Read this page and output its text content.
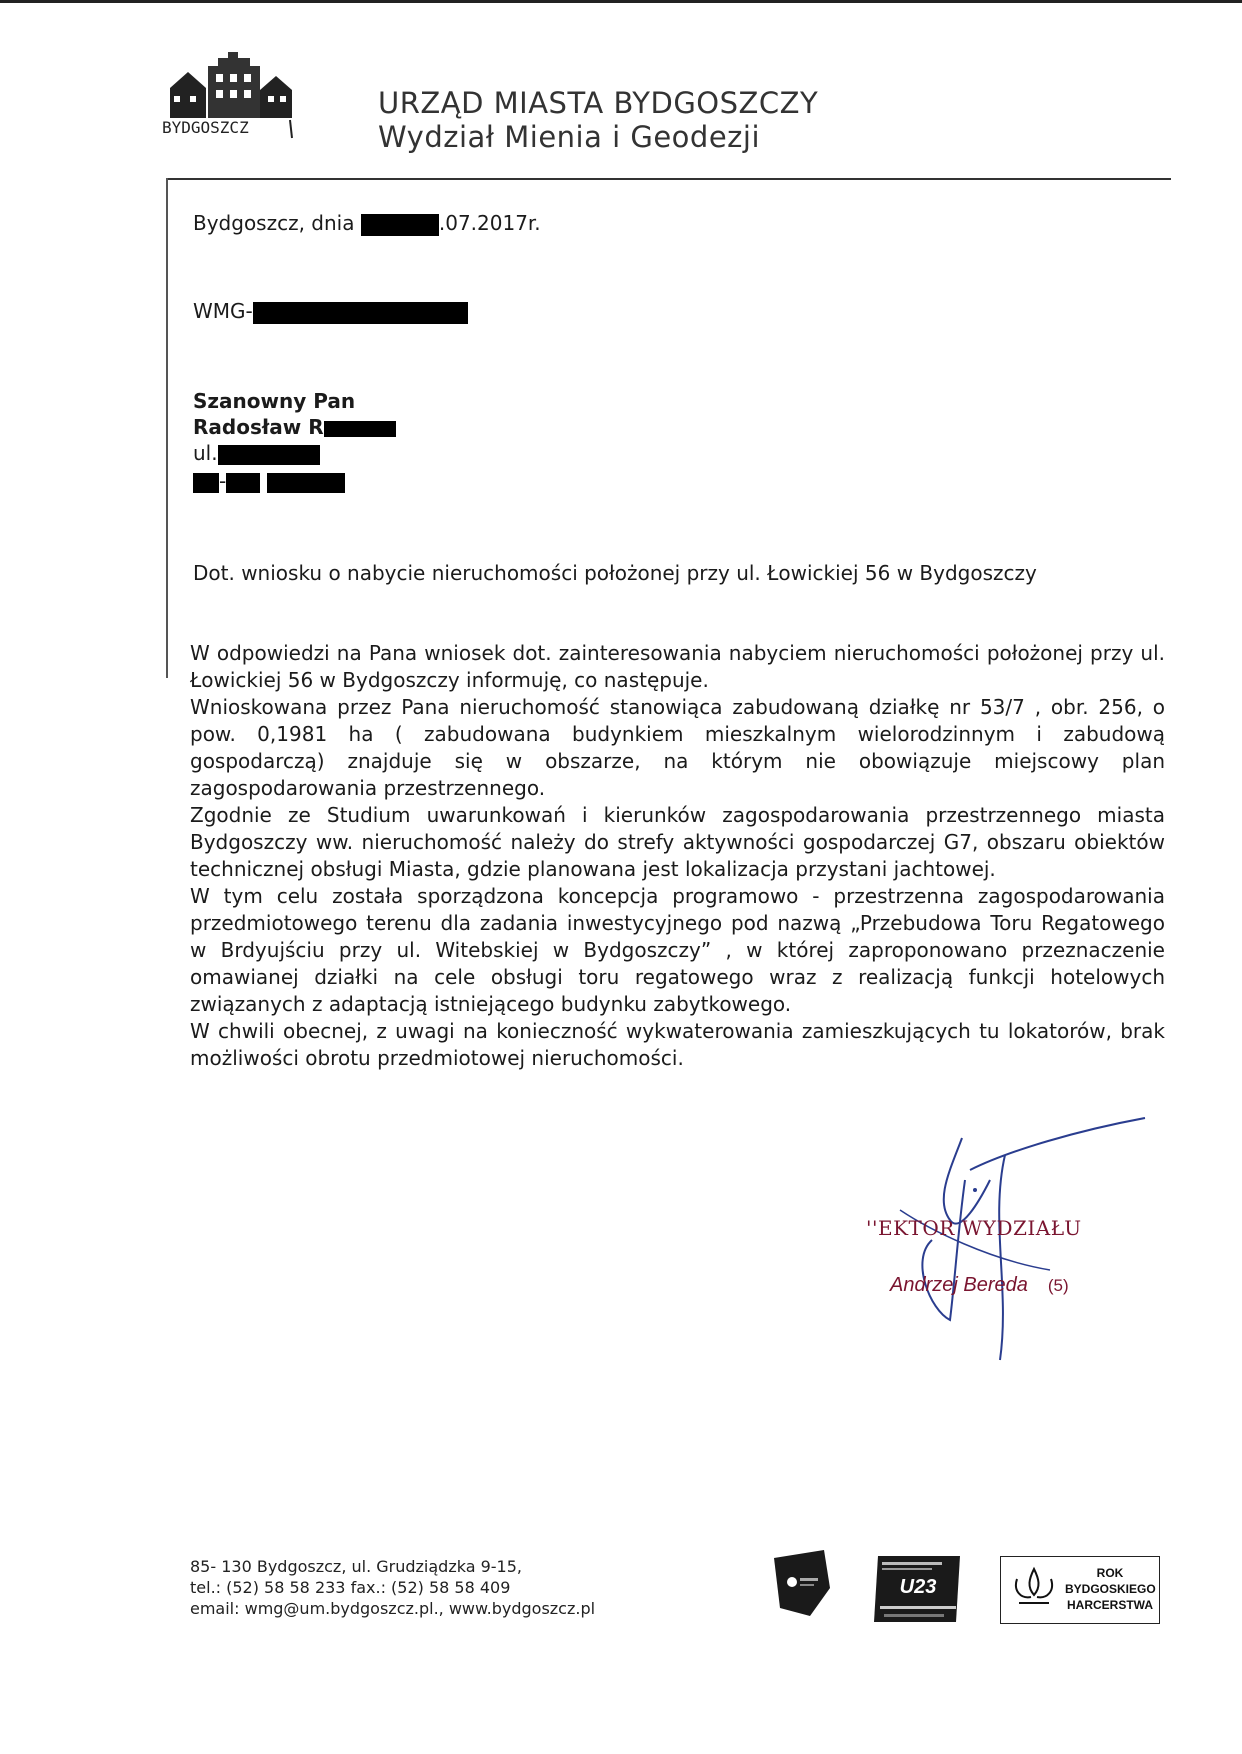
BYDGOSZCZ
URZĄD MIASTA BYDGOSZCZY
Wydział Mienia i Geodezji
Bydgoszcz, dnia	.07.2017r.
WMG-
Szanowny Pan
Radosław R
ul.
-
Dot. wniosku o nabycie nieruchomości położonej przy ul. Łowickiej 56 w Bydgoszczy

W odpowiedzi na Pana wniosek dot. zainteresowania nabyciem nieruchomości położonej przy ul. Łowickiej 56 w Bydgoszczy informuję, co następuje.

Wnioskowana przez Pana nieruchomość stanowiąca zabudowaną działkę nr 53/7 , obr. 256, o pow. 0,1981 ha ( zabudowana budynkiem mieszkalnym wielorodzinnym i zabudową gospodarczą) znajduje się w obszarze, na którym nie obowiązuje miejscowy plan zagospodarowania przestrzennego.

Zgodnie ze Studium uwarunkowań i kierunków zagospodarowania przestrzennego miasta Bydgoszczy ww. nieruchomość należy do strefy aktywności gospodarczej G7, obszaru obiektów technicznej obsługi Miasta, gdzie planowana jest lokalizacja przystani jachtowej.

W tym celu została sporządzona koncepcja programowo - przestrzenna zagospodarowania przedmiotowego terenu dla zadania inwestycyjnego pod nazwą „Przebudowa Toru Regatowego w Brdyujściu przy ul. Witebskiej w Bydgoszczy” , w której zaproponowano przeznaczenie omawianej działki na cele obsługi toru regatowego wraz z realizacją funkcji hotelowych związanych z adaptacją istniejącego budynku zabytkowego.

W chwili obecnej, z uwagi na konieczność wykwaterowania zamieszkujących tu lokatorów, brak możliwości obrotu przedmiotowej nieruchomości.

''EKTOR WYDZIAŁU
Andrzej Bereda (5)
85- 130 Bydgoszcz, ul. Grudziądzka 9-15,
tel.: (52) 58 58 233 fax.: (52) 58 58 409
email: wmg@um.bydgoszcz.pl., www.bydgoszcz.pl
U23
ROK BYDGOSKIEGO HARCERSTWA
